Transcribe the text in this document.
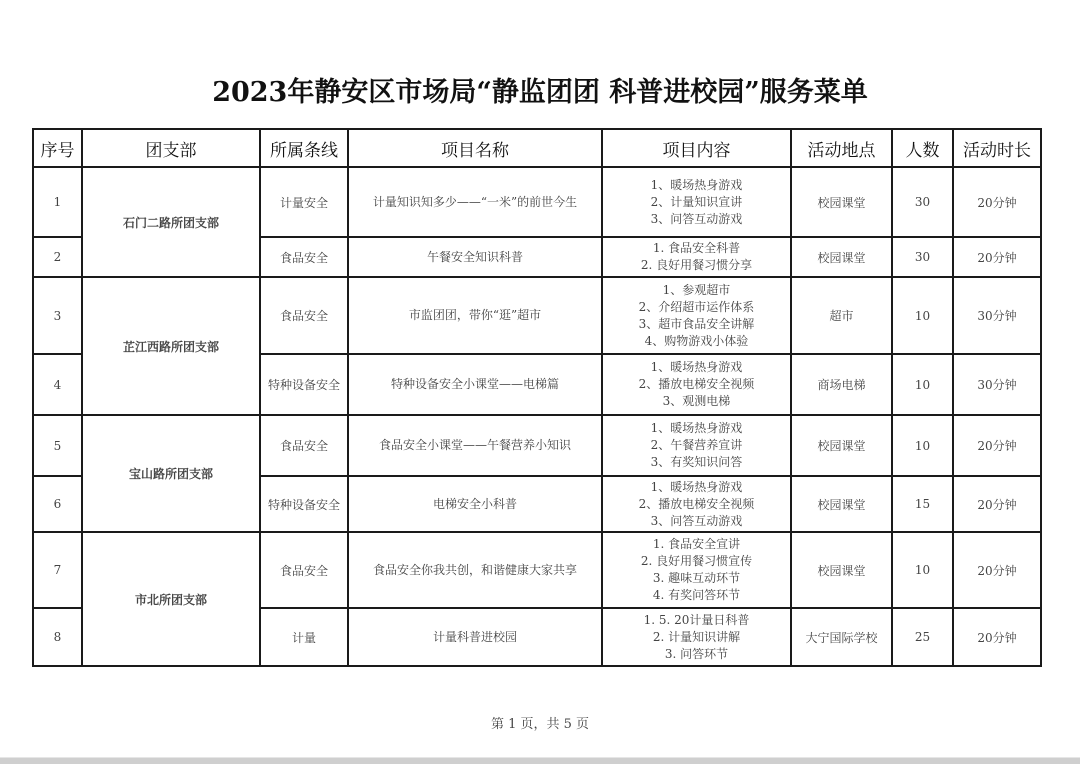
2023年静安区市场局“静监团团 科普进校园”服务菜单
序号	团支部	所属条线	项目名称	项目内容	活动地点	人数	活动时长
1	石门二路所团支部	计量安全	计量知识知多少——“一米”的前世今生	1、暖场热身游戏
2、计量知识宣讲
3、问答互动游戏	校园课堂	30	20分钟
2		食品安全	午餐安全知识科普	1. 食品安全科普
2. 良好用餐习惯分享	校园课堂	30	20分钟
3	芷江西路所团支部	食品安全	市监团团，带你“逛”超市	1、参观超市
2、介绍超市运作体系
3、超市食品安全讲解
4、购物游戏小体验	超市	10	30分钟
4		特种设备安全	特种设备安全小课堂——电梯篇	1、暖场热身游戏
2、播放电梯安全视频
3、观测电梯	商场电梯	10	30分钟
5	宝山路所团支部	食品安全	食品安全小课堂——午餐营养小知识	1、暖场热身游戏
2、午餐营养宣讲
3、有奖知识问答	校园课堂	10	20分钟
6		特种设备安全	电梯安全小科普	1、暖场热身游戏
2、播放电梯安全视频
3、问答互动游戏	校园课堂	15	20分钟
7	市北所团支部	食品安全	食品安全你我共创，和谐健康大家共享	1. 食品安全宣讲
2. 良好用餐习惯宣传
3. 趣味互动环节
4. 有奖问答环节	校园课堂	10	20分钟
8		计量	计量科普进校园	1. 5. 20计量日科普
2. 计量知识讲解
3. 问答环节	大宁国际学校	25	20分钟
第 1 页，共 5 页
